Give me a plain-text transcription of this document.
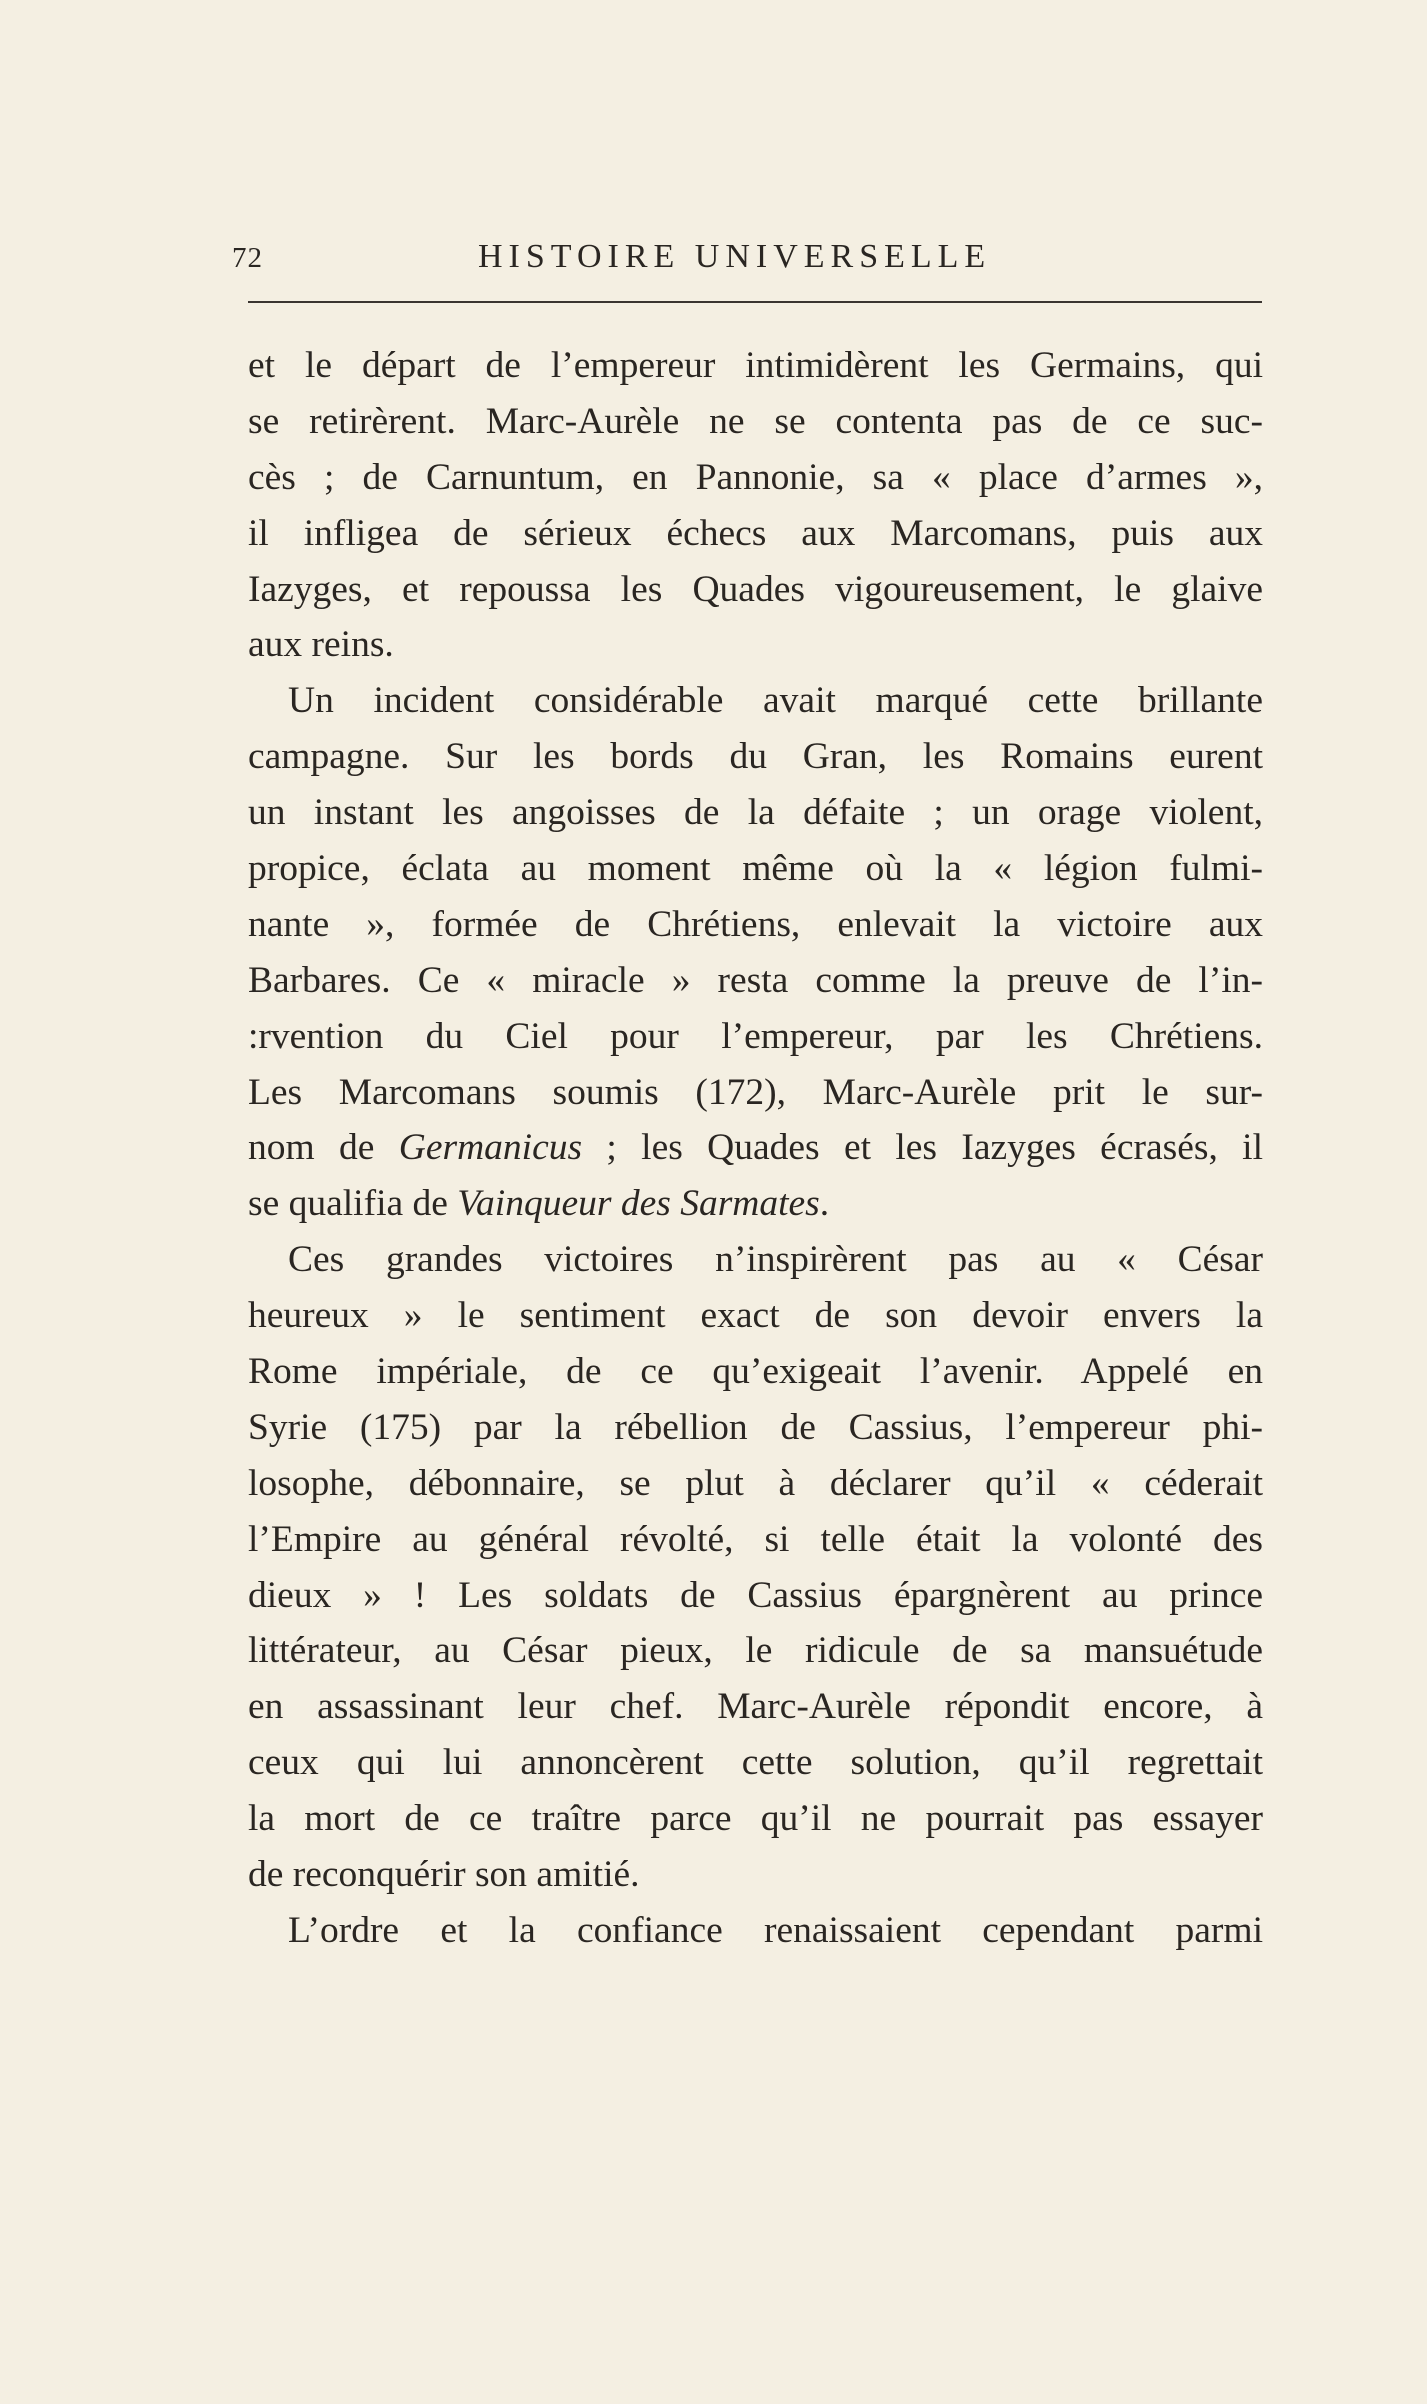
72	HISTOIRE UNIVERSELLE
et le départ de l’empereur intimidèrent les Germains, qui
se retirèrent. Marc-Aurèle ne se contenta pas de ce suc-
cès ; de Carnuntum, en Pannonie, sa « place d’armes »,
il infligea de sérieux échecs aux Marcomans, puis aux
Iazyges, et repoussa les Quades vigoureusement, le glaive
aux reins.
Un incident considérable avait marqué cette brillante
campagne. Sur les bords du Gran, les Romains eurent
un instant les angoisses de la défaite ; un orage violent,
propice, éclata au moment même où la « légion fulmi-
nante », formée de Chrétiens, enlevait la victoire aux
Barbares. Ce « miracle » resta comme la preuve de l’in-
:rvention du Ciel pour l’empereur, par les Chrétiens.
Les Marcomans soumis (172), Marc-Aurèle prit le sur-
nom de Germanicus ; les Quades et les Iazyges écrasés, il
se qualifia de Vainqueur des Sarmates.
Ces grandes victoires n’inspirèrent pas au « César
heureux » le sentiment exact de son devoir envers la
Rome impériale, de ce qu’exigeait l’avenir. Appelé en
Syrie (175) par la rébellion de Cassius, l’empereur phi-
losophe, débonnaire, se plut à déclarer qu’il « céderait
l’Empire au général révolté, si telle était la volonté des
dieux » ! Les soldats de Cassius épargnèrent au prince
littérateur, au César pieux, le ridicule de sa mansuétude
en assassinant leur chef. Marc-Aurèle répondit encore, à
ceux qui lui annoncèrent cette solution, qu’il regrettait
la mort de ce traître parce qu’il ne pourrait pas essayer
de reconquérir son amitié.
L’ordre et la confiance renaissaient cependant parmi
